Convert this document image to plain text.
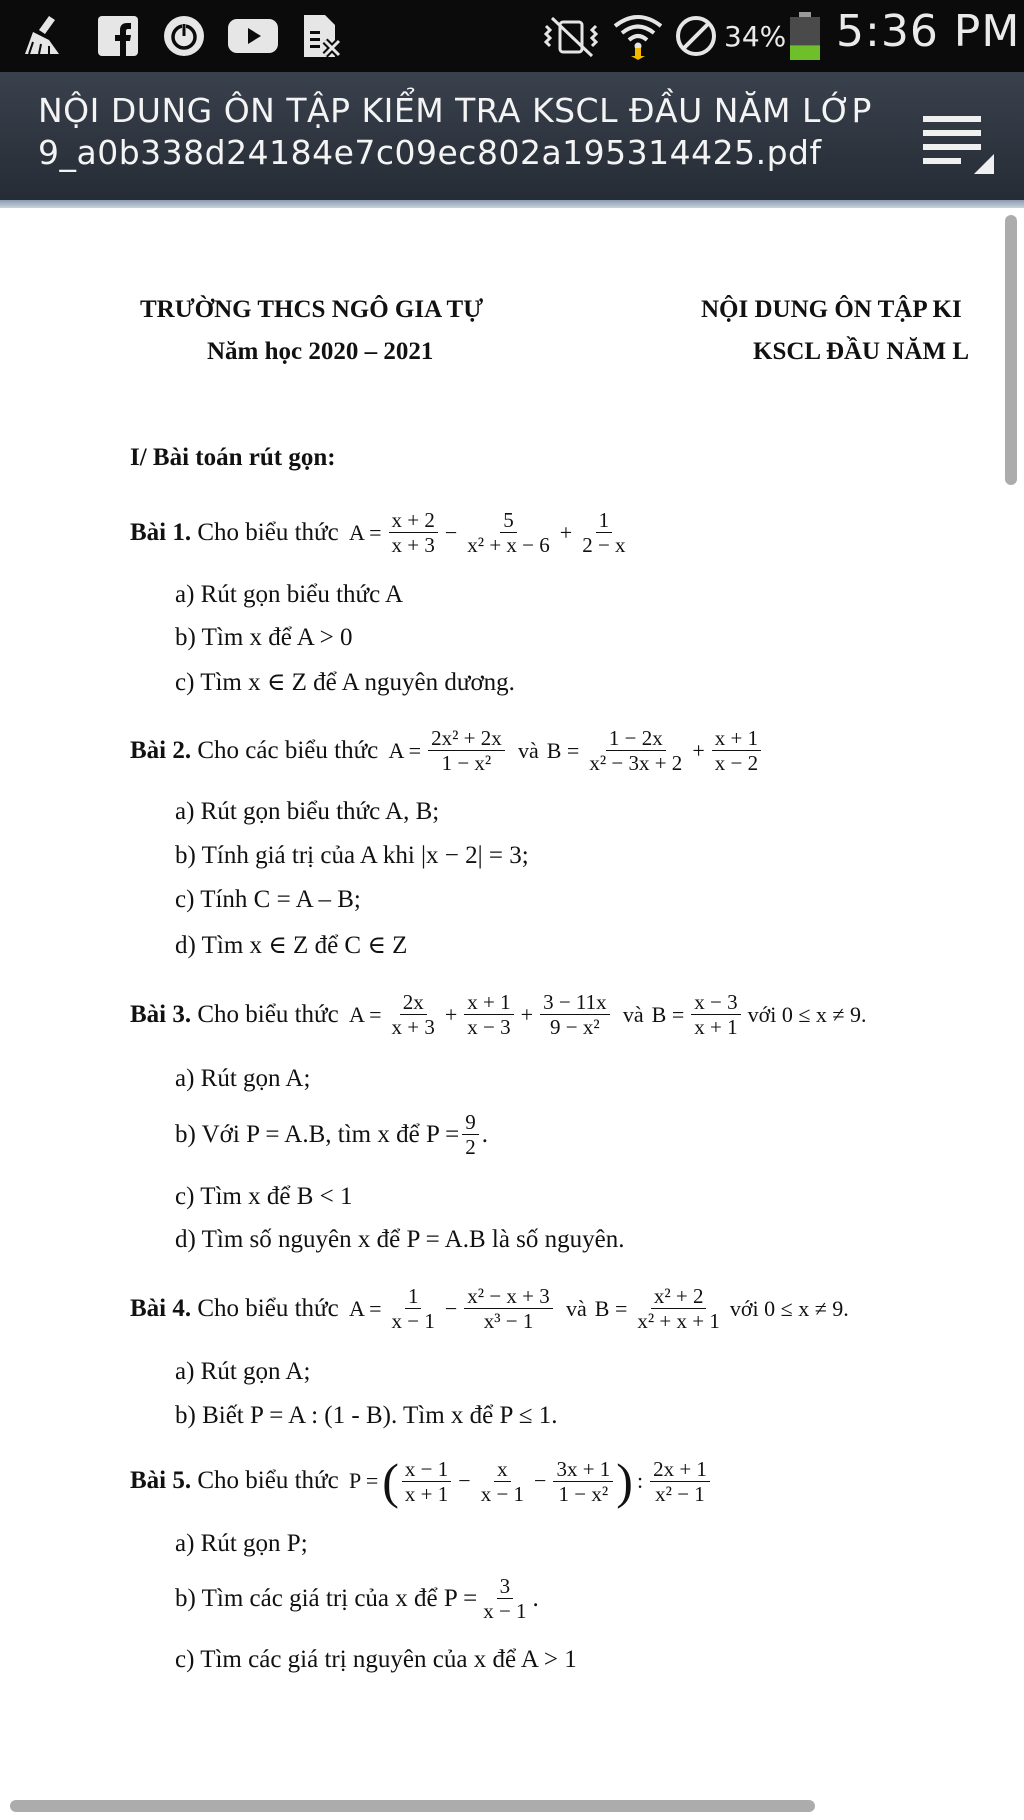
34% 5:36 PM
NỘI DUNG ÔN TẬP KIỂM TRA KSCL ĐẦU NĂM LỚP 9_a0b338d24184e7c09ec802a195314425.pdf
TRƯỜNG THCS NGÔ GIA TỰ
Năm học 2020 – 2021
NỘI DUNG ÔN TẬP KI
KSCL ĐẦU NĂM L
I/ Bài toán rút gọn:
Bài 1.
Cho biểu thức
$A = \frac{x + 2}{x + 3} - \frac{5}{\text{x² + x − 6}} + \frac{1}{2 - x}$
a) Rút gọn biểu thức A
b) Tìm x để A > 0
c) Tìm x ∈ Z để A nguyên dương.
Bài 2.
Cho các biểu thức
$A = \frac{\text{2x² + 2x}}{\text{1 − x²}}$
và $B = \frac{1 - 2x}{\text{x² − 3x + 2}} + \frac{x + 1}{x - 2}$
a) Rút gọn biểu thức A, B;
b) Tính giá trị của A khi |x − 2| = 3;
c) Tính C = A – B;
d) Tìm x ∈ Z để C ∈ Z
Bài 3.
Cho biểu thức
$A = \frac{2x}{x + 3} + \frac{x + 1}{x - 3} + \frac{3 - 11x}{\text{9 − x²}}$
và $B = \frac{x - 3}{x + 1}$ với 0 ≤ x ≠ 9.
a) Rút gọn A;
b) Với P = A.B, tìm x để $P = \frac{9}{2}$ .
c) Tìm x để B < 1
d) Tìm số nguyên x để P = A.B là số nguyên.
Bài 4.
Cho biểu thức
$A = \frac{1}{x - 1} - \frac{\text{x² − x + 3}}{\text{x³ − 1}}$
và $B = \frac{\text{x² + 2}}{\text{x² + x + 1}}$ với 0 ≤ x ≠ 9.
a) Rút gọn A;
b) Biết P = A : (1 - B). Tìm x để P ≤ 1.
Bài 5.
Cho biểu thức
P = ( $\frac{x - 1}{x + 1} - \frac{x}{x - 1} - \frac{3x + 1}{\text{1 − x²}}$ ) : $\frac{2x + 1}{\text{x² − 1}}$
a) Rút gọn P;
b) Tìm các giá trị của x để $P = \frac{3}{x - 1}$ .
c) Tìm các giá trị nguyên của x để A > 1
